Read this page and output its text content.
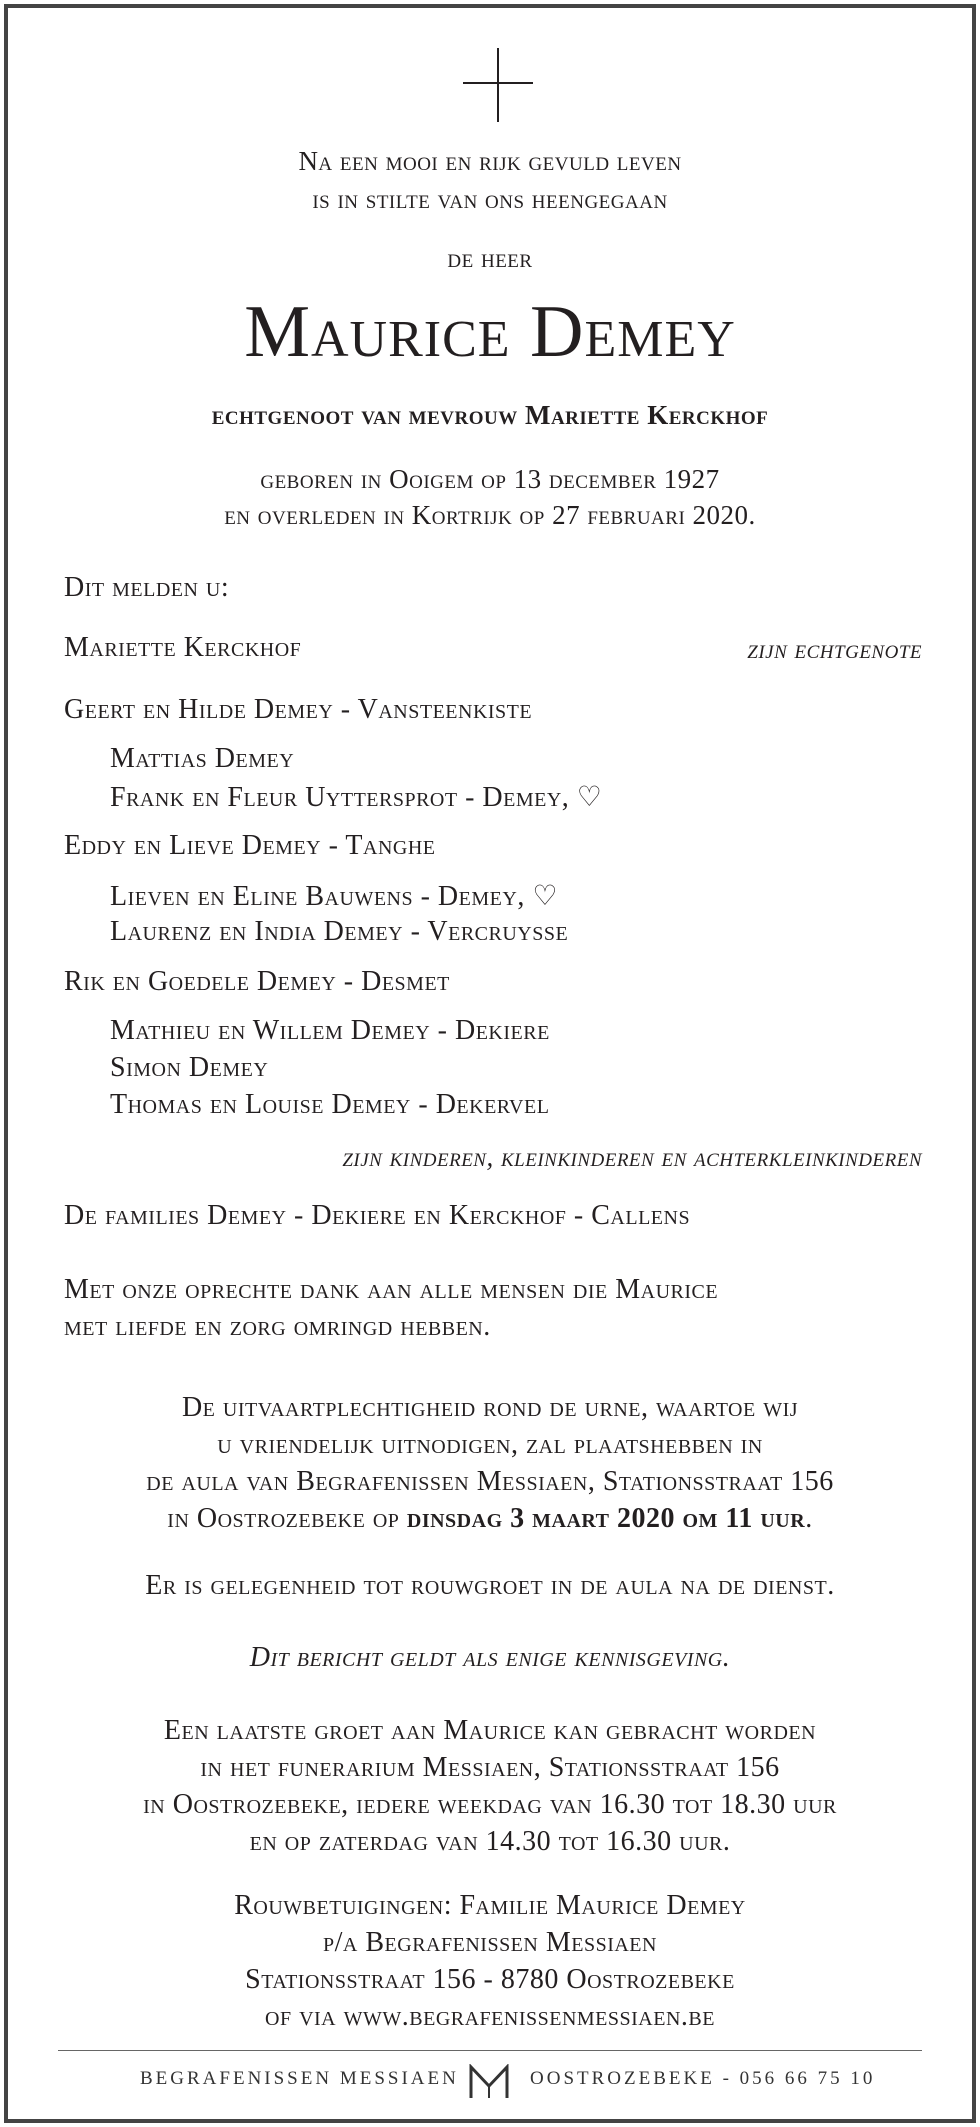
Na een mooi en rijk gevuld leven
is in stilte van ons heengegaan
de heer
Maurice Demey
echtgenoot van mevrouw Mariette Kerckhof
geboren in Ooigem op 13 december 1927
en overleden in Kortrijk op 27 februari 2020.
Dit melden u:
Mariette Kerckhof	zijn echtgenote
Geert en Hilde Demey - Vansteenkiste
Mattias Demey
Frank en Fleur Uyttersprot - Demey, ♡
Eddy en Lieve Demey - Tanghe
Lieven en Eline Bauwens - Demey, ♡
Laurenz en India Demey - Vercruysse
Rik en Goedele Demey - Desmet
Mathieu en Willem Demey - Dekiere
Simon Demey
Thomas en Louise Demey - Dekervel
zijn kinderen, kleinkinderen en achterkleinkinderen
De families Demey - Dekiere en Kerckhof - Callens
Met onze oprechte dank aan alle mensen die Maurice
met liefde en zorg omringd hebben.
De uitvaartplechtigheid rond de urne, waartoe wij
u vriendelijk uitnodigen, zal plaatshebben in
de aula van Begrafenissen Messiaen, Stationsstraat 156
in Oostrozebeke op dinsdag 3 maart 2020 om 11 uur.
Er is gelegenheid tot rouwgroet in de aula na de dienst.
Dit bericht geldt als enige kennisgeving.
Een laatste groet aan Maurice kan gebracht worden
in het funerarium Messiaen, Stationsstraat 156
in Oostrozebeke, iedere weekdag van 16.30 tot 18.30 uur
en op zaterdag van 14.30 tot 16.30 uur.
Rouwbetuigingen: Familie Maurice Demey
p/a Begrafenissen Messiaen
Stationsstraat 156 - 8780 Oostrozebeke
of via www.begrafenissenmessiaen.be
BEGRAFENISSEN MESSIAEN	OOSTROZEBEKE - 056 66 75 10
